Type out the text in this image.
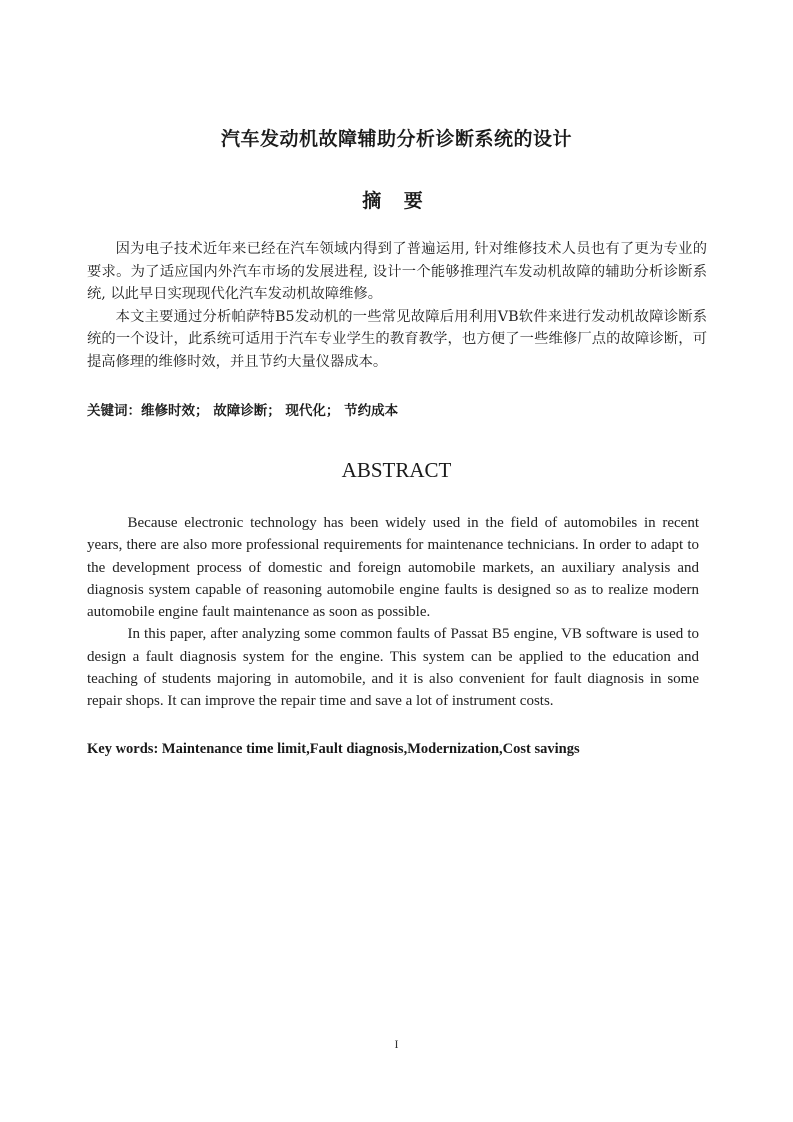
汽车发动机故障辅助分析诊断系统的设计
摘 要

因为电子技术近年来已经在汽车领域内得到了普遍运用, 针对维修技术人员也有了更为专业的要求。为了适应国内外汽车市场的发展进程, 设计一个能够推理汽车发动机故障的辅助分析诊断系统, 以此早日实现现代化汽车发动机故障维修。

本文主要通过分析帕萨特B5发动机的一些常见故障后用利用VB软件来进行发动机故障诊断系统的一个设计，此系统可适用于汽车专业学生的教育教学，也方便了一些维修厂点的故障诊断，可提高修理的维修时效，并且节约大量仪器成本。

关键词：维修时效； 故障诊断； 现代化； 节约成本
ABSTRACT

Because electronic technology has been widely used in the field of automobiles in recent years, there are also more professional requirements for maintenance technicians. In order to adapt to the development process of domestic and foreign automobile markets, an auxiliary analysis and diagnosis system capable of reasoning automobile engine faults is designed so as to realize modern automobile engine fault maintenance as soon as possible.

In this paper, after analyzing some common faults of Passat B5 engine, VB software is used to design a fault diagnosis system for the engine. This system can be applied to the education and teaching of students majoring in automobile, and it is also convenient for fault diagnosis in some repair shops. It can improve the repair time and save a lot of instrument costs.

Key words: Maintenance time limit,Fault diagnosis,Modernization,Cost savings
I
